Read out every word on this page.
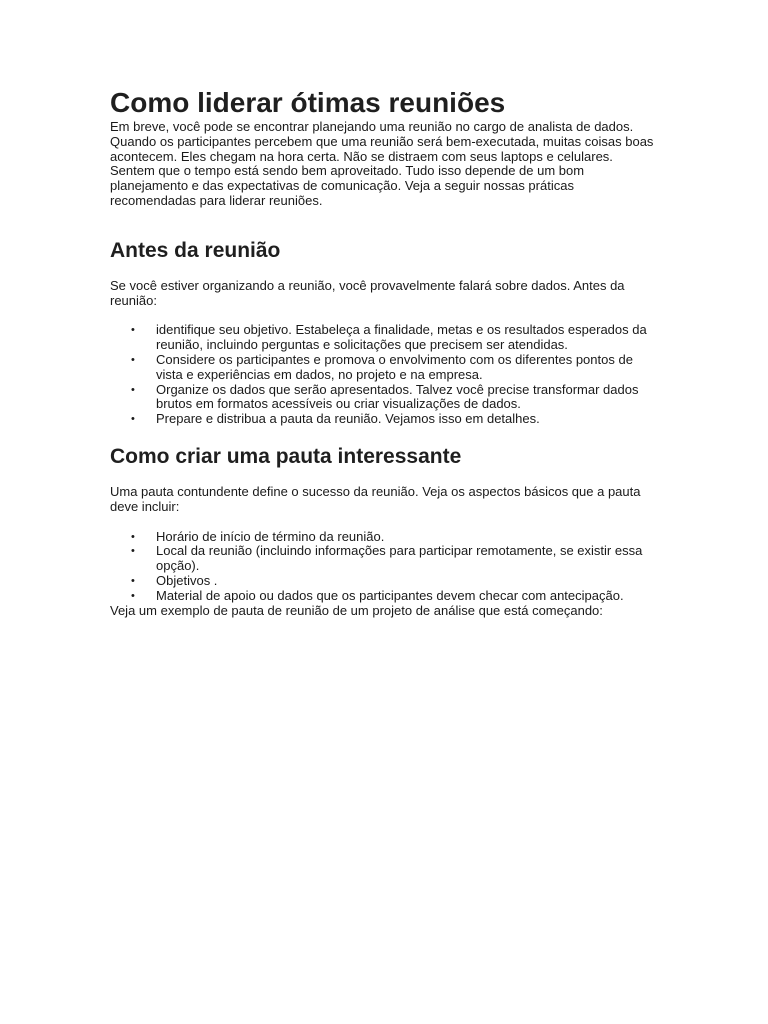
Como liderar ótimas reuniões

Em breve, você pode se encontrar planejando uma reunião no cargo de analista de dados. Quando os participantes percebem que uma reunião será bem-executada, muitas coisas boas acontecem. Eles chegam na hora certa. Não se distraem com seus laptops e celulares. Sentem que o tempo está sendo bem aproveitado. Tudo isso depende de um bom planejamento e das expectativas de comunicação. Veja a seguir nossas práticas recomendadas para liderar reuniões.

Antes da reunião

Se você estiver organizando a reunião, você provavelmente falará sobre dados. Antes da reunião:

• identifique seu objetivo. Estabeleça a finalidade, metas e os resultados esperados da reunião, incluindo perguntas e solicitações que precisem ser atendidas.
• Considere os participantes e promova o envolvimento com os diferentes pontos de vista e experiências em dados, no projeto e na empresa.
• Organize os dados que serão apresentados. Talvez você precise transformar dados brutos em formatos acessíveis ou criar visualizações de dados.
• Prepare e distribua a pauta da reunião. Vejamos isso em detalhes.
Como criar uma pauta interessante

Uma pauta contundente define o sucesso da reunião. Veja os aspectos básicos que a pauta deve incluir:

• Horário de início de término da reunião.
• Local da reunião (incluindo informações para participar remotamente, se existir essa opção).
• Objetivos .
• Material de apoio ou dados que os participantes devem checar com antecipação.

Veja um exemplo de pauta de reunião de um projeto de análise que está começando:
